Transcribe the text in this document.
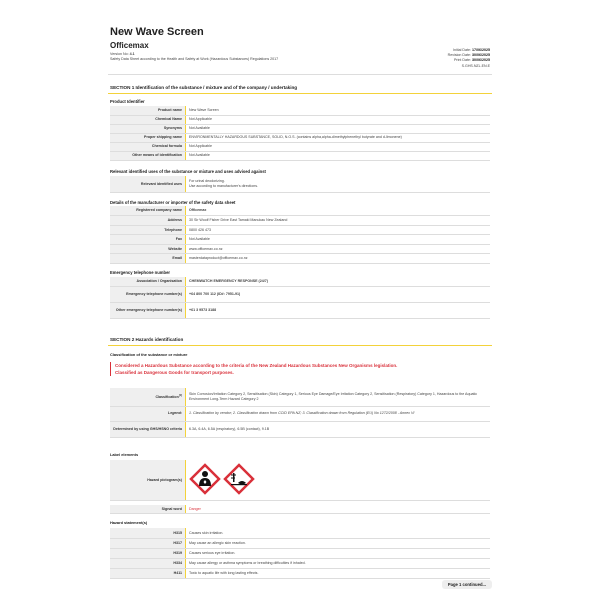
New Wave Screen
Officemax
Version No: 4.1
Safety Data Sheet according to the Health and Safety at Work (Hazardous Substances) Regulations 2017
Initial Date: 17/06/2025
Revision Date: 30/06/2025
Print Date: 30/06/2025
S.GHS.NZL.EN.E
SECTION 1 Identification of the substance / mixture and of the company / undertaking
Product Identifier
Product name	New Wave Screen
Chemical Name	Not Applicable
Synonyms	Not Available
Proper shipping name	ENVIRONMENTALLY HAZARDOUS SUBSTANCE, SOLID, N.O.S. (contains alpha,alpha-dimethylphenethyl butyrate and d-limonene)
Chemical formula	Not Applicable
Other means of identification	Not Available
Relevant identified uses of the substance or mixture and uses advised against
Relevant identified uses	For urinal deodorizing.
Use according to manufacturer's directions.
Details of the manufacturer or importer of the safety data sheet
Registered company name	Officemax
Address	30 Sir Woolf Fisher Drive East Tamaki Manukau New Zealand
Telephone	0800 426 473
Fax	Not Available
Website	www.officemax.co.nz
Email	masterdataproduct@officemax.co.nz
Emergency telephone number
Association / Organisation	CHEMWATCH EMERGENCY RESPONSE (24/7)
Emergency telephone number(s)	+64 800 700 112 (ID#: 7951-91)
Other emergency telephone number(s)	+61 3 9573 3188
SECTION 2 Hazards identification
Classification of the substance or mixture
Considered a Hazardous Substance according to the criteria of the New Zealand Hazardous Substances New Organisms legislation.
Classified as Dangerous Goods for transport purposes.
Classification[1]	Skin Corrosion/Irritation Category 2, Sensitisation (Skin) Category 1, Serious Eye Damage/Eye Irritation Category 2, Sensitisation (Respiratory) Category 1, Hazardous to the Aquatic Environment Long-Term Hazard Category 2
Legend:	1. Classification by vendor; 2. Classification drawn from CCID EPA NZ; 3. Classification drawn from Regulation (EU) No 1272/2008 - Annex VI
Determined by using GHS/HSNO criteria	6.3A, 6.4A, 6.5A (respiratory), 6.5B (contact), 9.1B
Label elements
Hazard pictogram(s)	
Signal word	Danger
Hazard statement(s)
H315	Causes skin irritation.
H317	May cause an allergic skin reaction.
H319	Causes serious eye irritation.
H334	May cause allergy or asthma symptoms or breathing difficulties if inhaled.
H411	Toxic to aquatic life with long lasting effects.
Page 1 continued...
